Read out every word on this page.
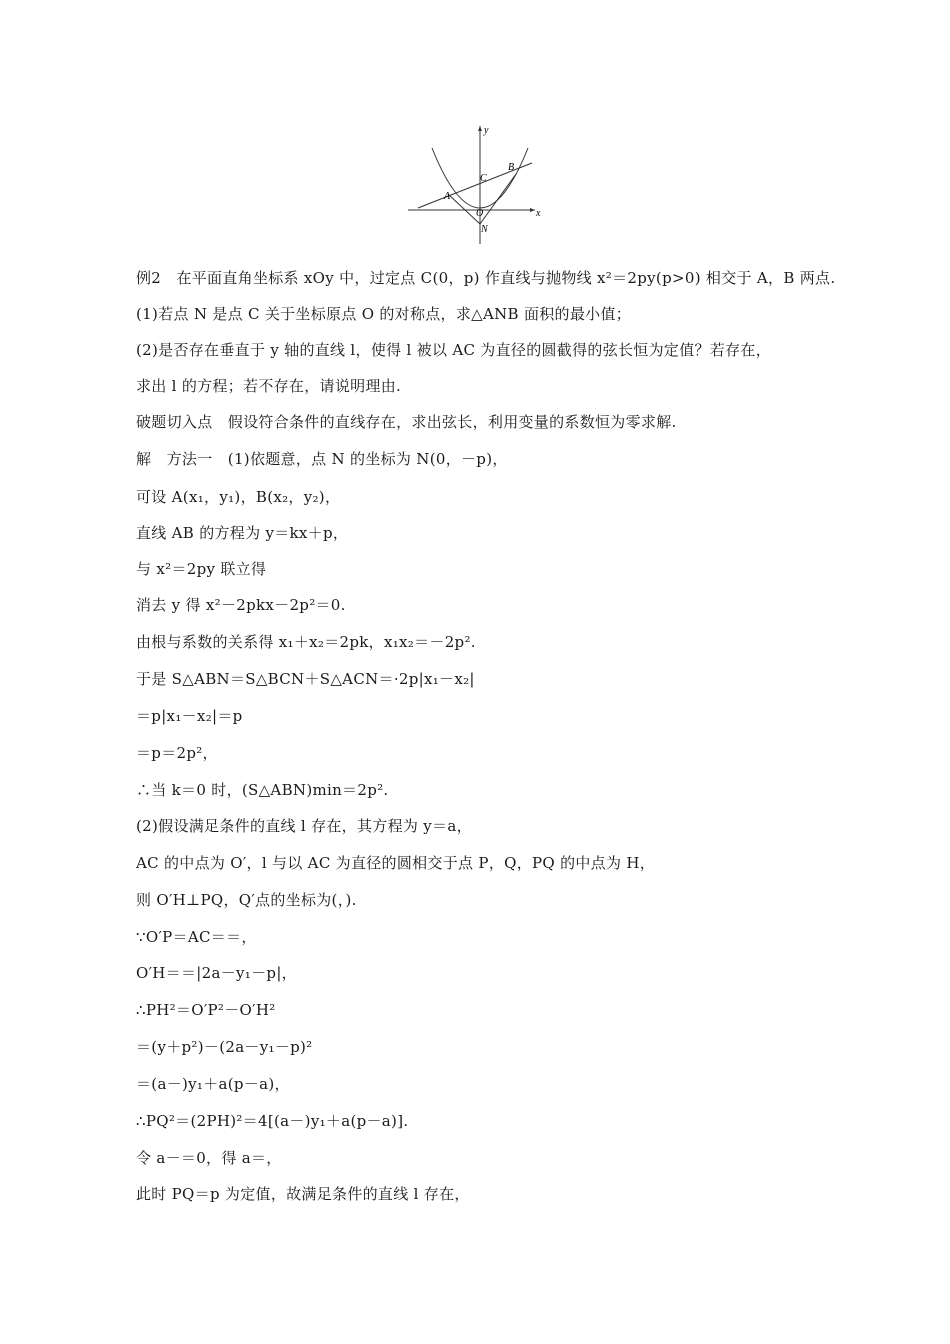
y
x
B
C
A
O
N
例2　在平面直角坐标系 xOy 中，过定点 C(0，p) 作直线与抛物线 x²＝2py(p>0) 相交于 A，B 两点.
(1)若点 N 是点 C 关于坐标原点 O 的对称点，求△ANB 面积的最小值；
(2)是否存在垂直于 y 轴的直线 l，使得 l 被以 AC 为直径的圆截得的弦长恒为定值？若存在，
求出 l 的方程；若不存在，请说明理由.
破题切入点　假设符合条件的直线存在，求出弦长，利用变量的系数恒为零求解.
解　方法一　(1)依题意，点 N 的坐标为 N(0，－p)，
可设 A(x₁，y₁)，B(x₂，y₂)，
直线 AB 的方程为 y＝kx＋p，
与 x²＝2py 联立得
消去 y 得 x²－2pkx－2p²＝0.
由根与系数的关系得 x₁＋x₂＝2pk，x₁x₂＝－2p².
于是 S△ABN＝S△BCN＋S△ACN＝·2p|x₁－x₂|
＝p|x₁－x₂|＝p
＝p＝2p²，
∴当 k＝0 时，(S△ABN)min＝2p².
(2)假设满足条件的直线 l 存在，其方程为 y＝a，
AC 的中点为 O′，l 与以 AC 为直径的圆相交于点 P，Q，PQ 的中点为 H，
则 O′H⊥PQ，Q′点的坐标为(，).
∵O′P＝AC＝＝，
O′H＝＝|2a－y₁－p|，
∴PH²＝O′P²－O′H²
＝(y＋p²)－(2a－y₁－p)²
＝(a－)y₁＋a(p－a)，
∴PQ²＝(2PH)²＝4[(a－)y₁＋a(p－a)].
令 a－＝0，得 a＝，
此时 PQ＝p 为定值，故满足条件的直线 l 存在，
